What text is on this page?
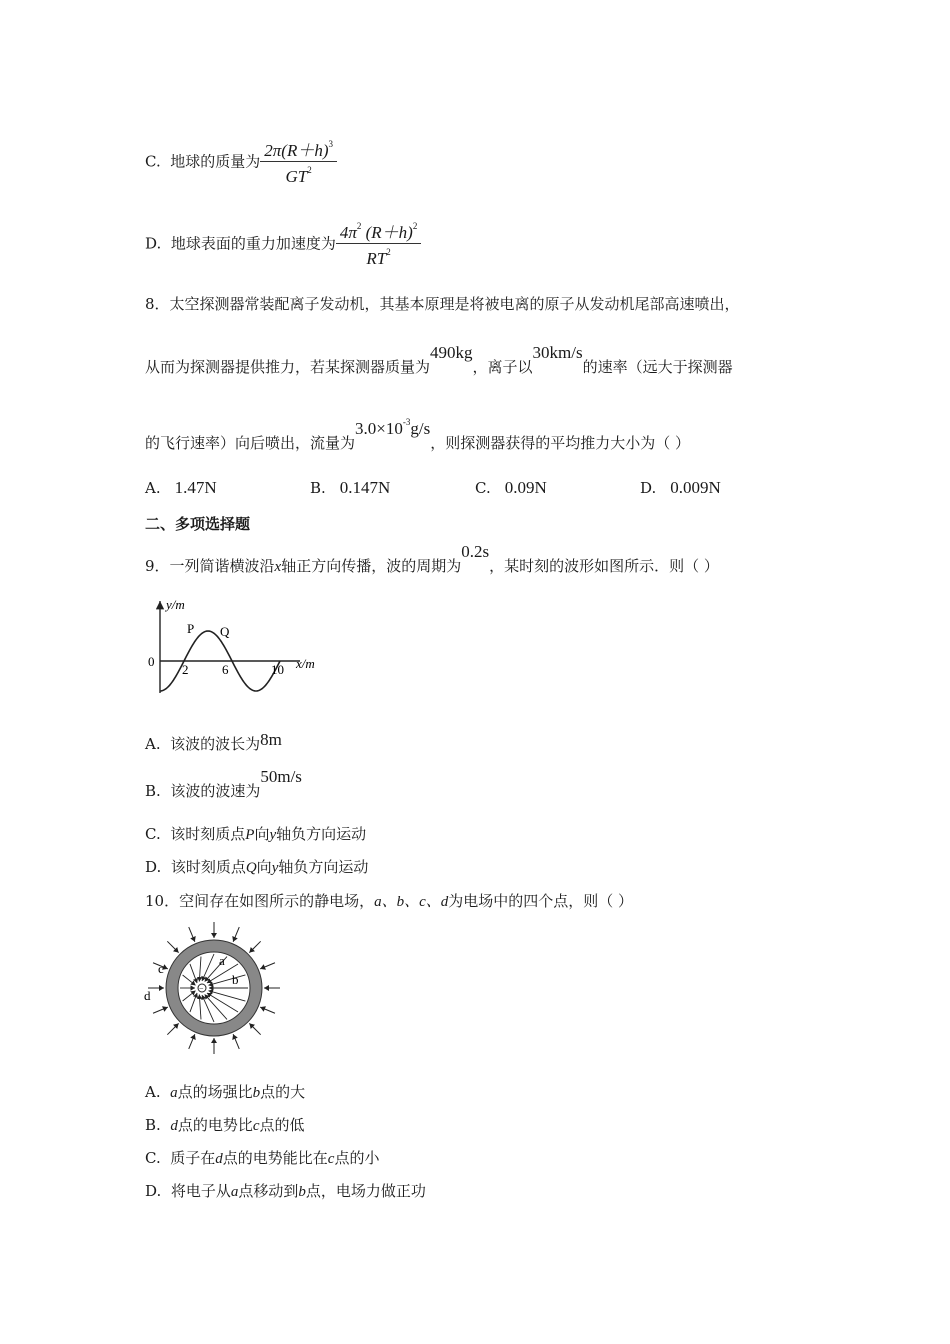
C. 地球的质量为 $\frac{2\pi(R+h)^3}{GT^2}$
D. 地球表面的重力加速度为 $\frac{4\pi^2 (R+h)^2}{RT^2}$
8．太空探测器常装配离子发动机，其基本原理是将被电离的原子从发动机尾部高速喷出，
从而为探测器提供推力，若某探测器质量为490kg，离子以30km/s的速率（远大于探测器
的飞行速率）向后喷出，流量为$3.0\times 10^{-3}g/s$，则探测器获得的平均推力大小为（ ）
A. 1.47N	B. 0.147N	C. 0.09N	D. 0.009N
二、多项选择题
9．一列简谐横波沿x轴正方向传播，波的周期为0.2s，某时刻的波形如图所示．则（ ）
y/m
x/m
0
2	6	10
P Q
A. 该波的波长为8m
B. 该波的波速为50m/s
C. 该时刻质点P向y轴负方向运动
D. 该时刻质点Q向y轴负方向运动
10．空间存在如图所示的静电场，a、b、c、d为电场中的四个点，则（ ）
−
a
b
c
d
A. a点的场强比b点的大
B. d点的电势比c点的低
C. 质子在d点的电势能比在c点的小
D. 将电子从a点移动到b点，电场力做正功
